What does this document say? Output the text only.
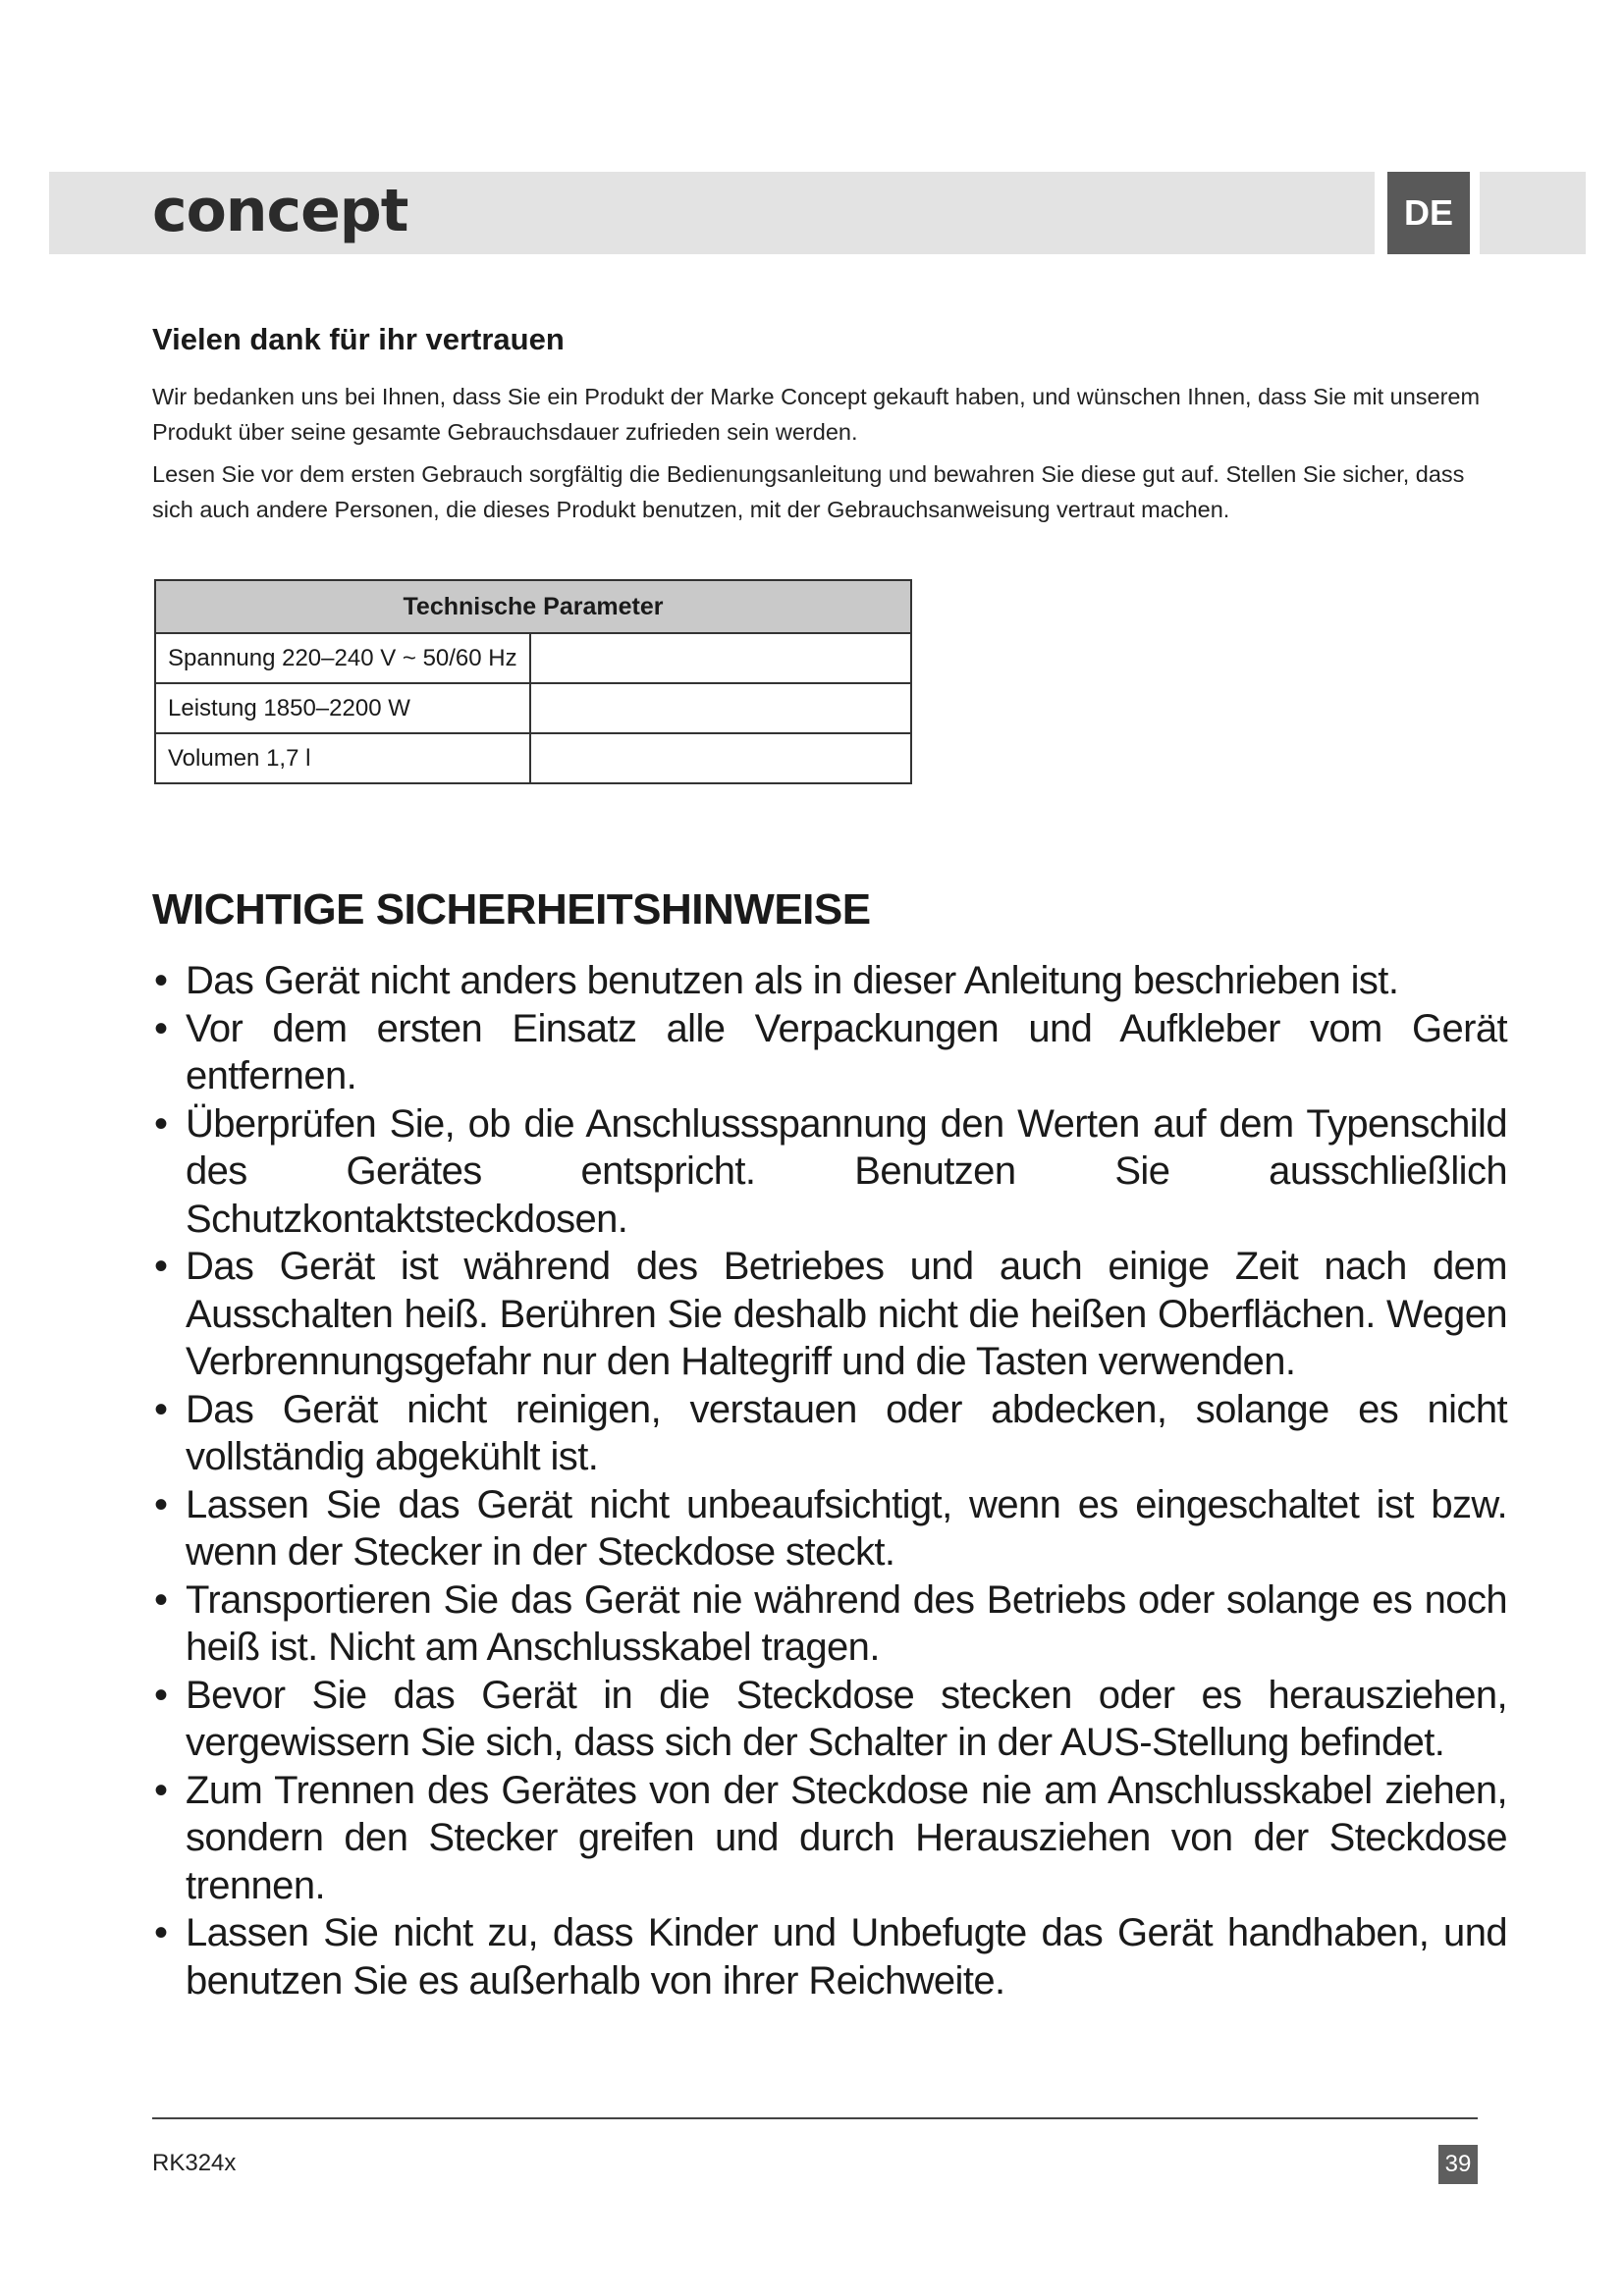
concept	DE
Vielen dank für ihr vertrauen

Wir bedanken uns bei Ihnen, dass Sie ein Produkt der Marke Concept gekauft haben, und wünschen Ihnen, dass Sie mit unserem Produkt über seine gesamte Gebrauchsdauer zufrieden sein werden.

Lesen Sie vor dem ersten Gebrauch sorgfältig die Bedienungsanleitung und bewahren Sie diese gut auf. Stellen Sie sicher, dass sich auch andere Personen, die dieses Produkt benutzen, mit der Gebrauchsanweisung vertraut machen.

Technische Parameter	
Spannung 220–240 V ~ 50/60 Hz	
Leistung 1850–2200 W	
Volumen 1,7 l	
WICHTIGE SICHERHEITSHINWEISE
• Das Gerät nicht anders benutzen als in dieser Anleitung beschrieben ist.
• Vor dem ersten Einsatz alle Verpackungen und Aufkleber vom Gerät entfernen.
• Überprüfen Sie, ob die Anschlussspannung den Werten auf dem Typenschild des Gerätes entspricht. Benutzen Sie ausschließlich Schutzkontaktsteckdosen.
• Das Gerät ist während des Betriebes und auch einige Zeit nach dem Ausschalten heiß. Berühren Sie deshalb nicht die heißen Oberflächen. Wegen Verbrennungsgefahr nur den Haltegriff und die Tasten verwenden.
• Das Gerät nicht reinigen, verstauen oder abdecken, solange es nicht vollständig abgekühlt ist.
• Lassen Sie das Gerät nicht unbeaufsichtigt, wenn es eingeschaltet ist bzw. wenn der Stecker in der Steckdose steckt.
• Transportieren Sie das Gerät nie während des Betriebs oder solange es noch heiß ist. Nicht am Anschlusskabel tragen.
• Bevor Sie das Gerät in die Steckdose stecken oder es herausziehen, vergewissern Sie sich, dass sich der Schalter in der AUS-Stellung befindet.
• Zum Trennen des Gerätes von der Steckdose nie am Anschlusskabel ziehen, sondern den Stecker greifen und durch Herausziehen von der Steckdose trennen.
• Lassen Sie nicht zu, dass Kinder und Unbefugte das Gerät handhaben, und benutzen Sie es außerhalb von ihrer Reichweite.
RK324x	39
